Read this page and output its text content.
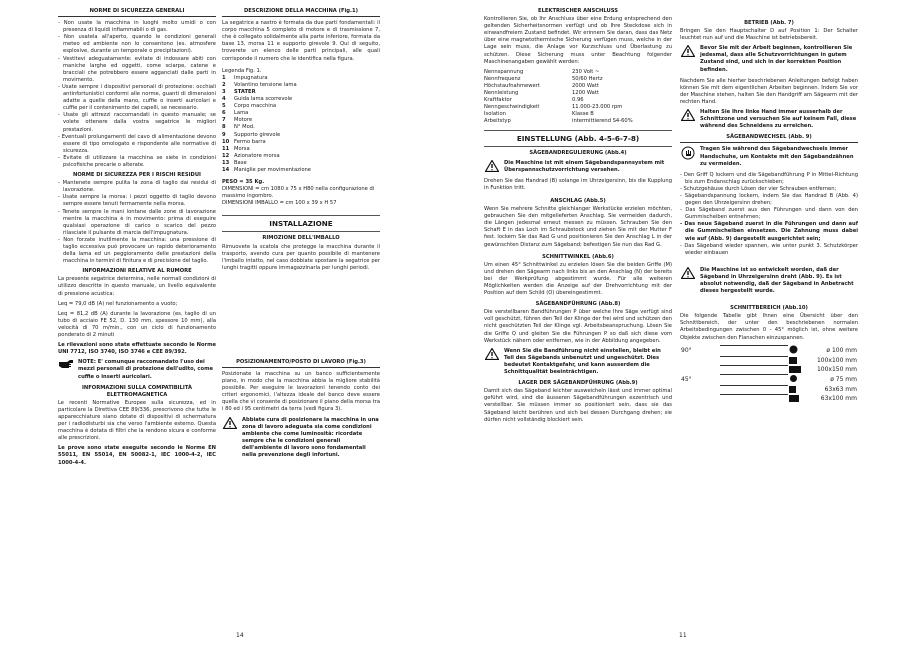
NORME DI SICUREZZA GENERALI
- Non usate la macchina in luoghi molto umidi o con presenza di liquidi infiammabili o di gas.
- Non usatela all'aperto, quando le condizioni generali meteo ed ambiente non lo consentono (es. atmosfere esplosive, durante un temporale o precipitazioni).
- Vestitevi adeguatamente: evitate di indossare abiti con maniche larghe ed oggetti, come sciarpe, catene e bracciali che potrebbero essere agganciati dalle parti in movimento.
- Usate sempre i dispositivi personali di protezione: occhiali antinfortunistici conformi alle norme, guanti di dimensioni adatte a quelle della mano, cuffie o inserti auricolari e cuffie per il contenimento dei capelli, se necessario.
- Usate gli attrezzi raccomandati in questo manuale; se volete ottenere dalla vostra segatrice le migliori prestazioni.
- Eventuali prolungamenti del cavo di alimentazione devono essere di tipo omologato e rispondente alle normative di sicurezza.
- Evitate di utilizzare la macchina se siete in condizioni psicofisiche precarie o alterate.
NORME DI SICUREZZA PER I RISCHI RESIDUI
- Mantenete sempre pulita la zona di taglio dai residui di lavorazione.
- Usate sempre la morsa: i pezzi oggetto di taglio devono sempre essere tenuti fermamente nella morsa.
- Tenete sempre le mani lontane dalle zone di lavorazione mentre la macchina è in movimento: prima di eseguire qualsiasi operazione di carico o scarico del pezzo rilasciate il pulsante di marcia dell'impugnatura.
- Non forzate inutilmente la macchina: una pressione di taglio eccessiva può provocare un rapido deterioramento della lama ed un peggioramento delle prestazioni della macchina in termini di finitura e di precisione del taglio.
INFORMAZIONI RELATIVE AL RUMORE

La presente segatrice determina, nelle normali condizioni di utilizzo descritte in questo manuale, un livello equivalente di pressione acustica:

Leq = 79,0 dB (A) nel funzionamento a vuoto;

Leq = 81,2 dB (A) durante la lavorazione (es. taglio di un tubo di acciaio FE 52, D. 130 mm, spessore 10 mm), alla velocità di 70 m/min., con un ciclo di funzionamento ponderato di 2 minuti

Le rilevazioni sono state effettuate secondo le Norme UNI 7712, ISO 3740, ISO 3746 e CEE 89/392.

NOTE: E' comunque raccomandato l'uso dei mezzi personali di protezione dell'udito, come cuffie o inserti auricolari.
INFORMAZIONI SULLA COMPATIBILITÀ ELETTROMAGNETICA

Le recenti Normative Europee sulla sicurezza, ed in particolare la Direttiva CEE 89/336, prescrivono che tutte le apparecchiature siano dotate di dispositivi di schermatura per i radiodisturbi sia che verso l'ambiente esterno. Questa macchina è dotata di filtri che la rendono sicura e conforme alle prescrizioni.

Le prove sono state eseguite secondo le Norme EN 55011, EN 55014, EN 50082-1, IEC 1000-4-2, IEC 1000-4-4.

DESCRIZIONE DELLA MACCHINA (Fig.1)

La segatrice a nastro è formata da due parti fondamentali: il corpo macchina 5 completo di motore e di trasmissione 7, che è collegato solidalmente alla parte inferiore, formata da base 13, morsa 11 e supporto girevole 9. Qui di seguito, troverete un elenco delle parti principali, alle quali corrisponde il numero che le identifica nella figura.

Legenda Fig. 1.
1	Impugnatura
2	Volantino tensione lama
3	STATER
4	Guida lama scorrevole
5	Corpo macchina
6	Lama
7	Motore
8	N° Mod.
9	Supporto girevole
10 Fermo barra
11 Morsa
12 Azionatore morsa
13 Base
14 Maniglie per movimentazione
PESO = 35 Kg.
DIMENSIONI = cm 1080 x 75 x H80 nella configurazione di massimo ingombro.
DIMENSIONI IMBALLO = cm 100 x 39 x H 57
INSTALLAZIONE
RIMOZIONE DELL'IMBALLO

Rimuovete la scatola che protegge la macchina durante il trasporto, avendo cura per quanto possibile di mantenere l'imballo intatto, nel caso dobbiate spostare la segatrice per lunghi tragitti oppure immagazzinarla per lunghi periodi.

POSIZIONAMENTO/POSTO DI LAVORO (Fig.3)

Posizionate la macchina su un banco sufficientemente piano, in modo che la macchina abbia la migliore stabilità possibile. Per eseguire le lavorazioni tenendo conto dei criteri ergonomici, l'altezza ideale del banco deve essere quella che vi consente di posizionare il piano della morsa tra i 80 ed i 95 centimetri da terra (vedi figura 3).

Abbiate cura di posizionare la macchina in una zona di lavoro adeguata sia come condizioni ambiente che come luminosità: ricordate sempre che le condizioni generali dell'ambiente di lavoro sono fondamentali nella prevenzione degli infortuni.
14
ELEKTRISCHER ANSCHLUSS

Kontrollieren Sie, ob Ihr Anschluss über eine Erdung entsprechend den geltenden Sicherheitsnormen verfügt und ob Ihre Steckdose sich in einwandfreiem Zustand befindet. Wir erinnern Sie daran, dass das Netz über eine magnetothermische Sicherung verfügen muss, welche in der Lage sein muss, die Anlage vor Kurzschluss und Überlastung zu schützen. Diese Sicherung muss unter Beachtung folgender Maschinenangaben gewählt werden:

Nennspannung	230 Volt ~
Nennfrequenz	50/60 Hertz
Höchstaufnahmewert	2000 Watt
Nennleistung	1200 Watt
Kraftfaktor	0.96
Nenngeschwindigkeit	11.000-23.000 rpm
Isolation	Klasse B
Arbeitstyp	intermittierend S4-60%
EINSTELLUNG (Abb. 4-5-6-7-8)
SÄGEBANDREGULIERUNG (Abb.4)
Die Maschine ist mit einem Sägebandspannsystem mit Überspannschutzvorrichtung versehen.

Drehen Sie das Handrad (B) solange im Uhrzeigersinn, bis die Kupplung in Funktion tritt.

ANSCHLAG (Abb.5)

Wenn Sie mehrere Schnitte gleichlanger Werkstücke erzielen möchten, gebrauchen Sie den mitgelieferten Anschlag. Sie vermeiden dadurch, die Längen jedesmal erneut messen zu müssen. Schrauben Sie den Schaft E in das Loch im Schraubstock und ziehen Sie mit der Mutter F fest. lockern Sie das Rad G und positionieren Sie den Anschlag L in der gewünschten Distanz zum Sägeband; befestigen Sie nun das Rad G.

SCHNITTWINKEL (Abb.6)

Um einen 45° Schnittwinkel zu erzielen lösen Sie die beiden Griffe (M) und drehen den Sägearm nach links bis an den Anschlag (N) der bereits bei der Werkprüfung abgestimmt wurde. Für alle weiteren Möglichkeiten werden die Anzeige auf der Drehvorrichtung mit der Position auf dem Schild (O) übereingestimmt.

SÄGEBANDFÜHRUNG (Abb.8)

Die verstellbaren Bandführungen P über welche Ihre Säge verfügt sind voll geschützt, führen den Teil der Klinge der frei wird und schützen den nicht geschützten Teil der Klinge vgl. Arbeitsbeanspruchung. Lösen Sie die Griffe Q und gleiten Sie die Führungen P so daß sich diese vom Werkstück nähern oder entfernen, wie in der Abbildung angegeben.

Wenn Sie die Bandführung nicht einstellen, bleibt ein Teil des Sägebands unbenutzt und ungeschützt. Dies bedeutet Kontaktgefahr, und kann ausserdem die Schnittqualität beeinträchtigen.
LAGER DER SÄGEBANDFÜHRUNG (Abb.9)

Damit sich das Sägeband leichter ausweicheln lässt und immer optimal geführt wird, sind die äusseren Sägebandführungen exzentrisch und verstellbar. Sie müssen immer so positioniert sein, dass sie das Sägeband leicht berühren und sich bei dessen Durchgang drehen; sie dürfen nicht vollständig blockiert sein.

11
BETRIEB (Abb. 7)

Bringen Sie den Hauptschalter D auf Position 1: Der Schalter leuchtet nun auf und die Maschine ist betriebsbereit.

Bevor Sie mit der Arbeit beginnen, kontrollieren Sie jedesmal, dass alle Schutzvorrichtungen in gutem Zustand sind, und sich in der korrekten Position befinden.

Nachdem Sie alle hierher beschriebenen Anleitungen befolgt haben können Sie mit dem eigentlichen Arbeiten beginnen. Indem Sie vor der Maschine stehen, halten Sie den Handgriff am Sägearm mit der rechten Hand.

Halten Sie Ihre linke Hand immer ausserhalb der Schnittzone und versuchen Sie auf keinem Fall, diese während des Schneidens zu erreichen.
SÄGEBANDWECHSEL (Abb. 9)
Tragen Sie während des Sägebandwechsels immer Handschuhe, um Kontakte mit den Sägebandzähnen zu vermeiden.
- Den Griff Q lockern und die Sägebandführung P in Mittel-Richtung bis zum Endanschlag zurückschieben;
- Schutzgehäuse durch Lösen der vier Schrauben entfernen;
- Sägebandspannung lockern, indem Sie das Handrad B (Abb. 4) gegen den Uhrzeigersinn drehen;
- Das Sägeband zuerst aus den Führungen und dann von den Gummischeiben entnehmen;
- Das neue Sägeband zuerst in die Führungen und dann auf die Gummischeiben einsetzen. Die Zahnung muss dabei wie auf (Abb. 9) dargestellt ausgerichtet sein;
- Das Sägeband wieder spannen, wie unter punkt 3. Schutzkörper wieder einbauen
Die Maschine ist so entwickelt worden, daß der Sägeband in Uhrzeigersinn dreht (Abb. 9). Es ist absolut notwendig, daß der Sägeband in Anbetracht dieses hergestellt wurde.
SCHNITTBEREICH (Abb.10)

Die folgende Tabelle gibt Ihnen eine Übersicht über den Schnittbereich, der unter den beschriebenen normalen Arbeitsbedingungen zwischen 0 - 45° möglich ist, ohne weitere Objekte zwischen den Flanschen einzuspannen.

90°			ø 100 mm

	100x100 mm

	100x150 mm
45°			ø 75 mm

	63x63 mm

	63x100 mm
